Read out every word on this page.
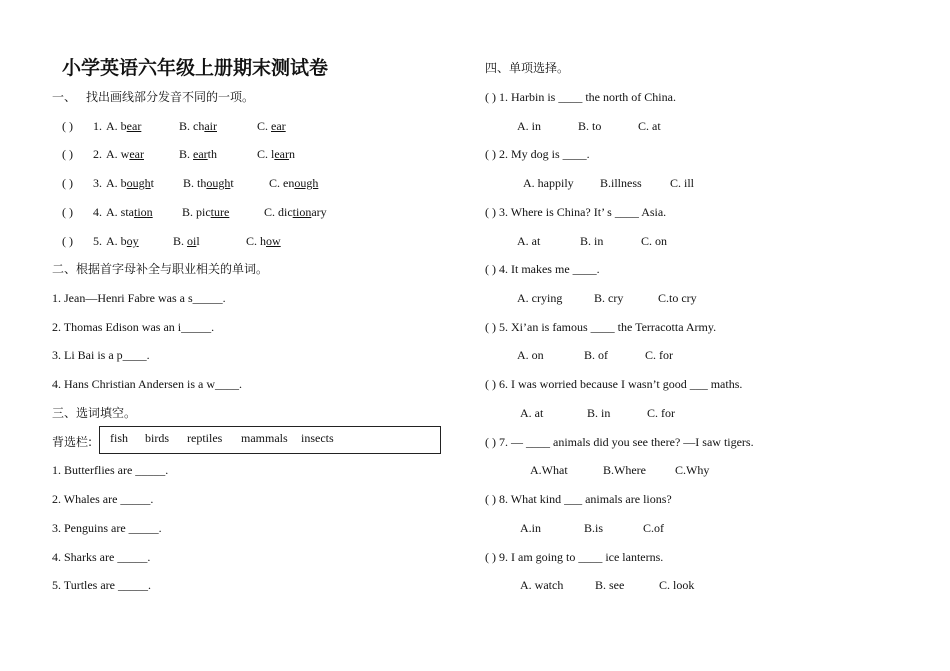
小学英语六年级上册期末测试卷
一、 找出画线部分发音不同的一项。
( ) 1. A. bear	B. chair	C. ear
( ) 2. A. wear	B. earth	C. learn
( ) 3. A. bought B. thought	C. enough
( ) 4. A. station B. picture	C. dictionary
( ) 5. A. boy	B. oil	C. how
二、根据首字母补全与职业相关的单词。
1. Jean—Henri Fabre was a s_____.
2. Thomas Edison was an i_____.
3. Li Bai is a p____.
4. Hans Christian Andersen is a w____.
三、选词填空。
背选栏: fish birds reptiles mammals insects
1. Butterflies are _____.
2. Whales are _____.
3. Penguins are _____.
4. Sharks are _____.
5. Turtles are _____.
四、单项选择。
( ) 1. Harbin is ____ the north of China.
A. in	B. to	C. at
( ) 2. My dog is ____.
A. happily B.illness C. ill
( ) 3. Where is China? It’ s ____ Asia.
A. at	B. in	C. on
( ) 4. It makes me ____.
A. crying	B. cry	C.to cry
( ) 5. Xi’an is famous ____ the Terracotta Army.
A. on	B. of	C. for
( ) 6. I was worried because I wasn’t good ___ maths.
A. at	B. in	C. for
( ) 7. — ____ animals did you see there? —I saw tigers.
A.What	B.Where C.Why
( ) 8. What kind ___ animals are lions?
A.in	B.is	C.of
( ) 9. I am going to ____ ice lanterns.
A. watch	B. see	C. look
